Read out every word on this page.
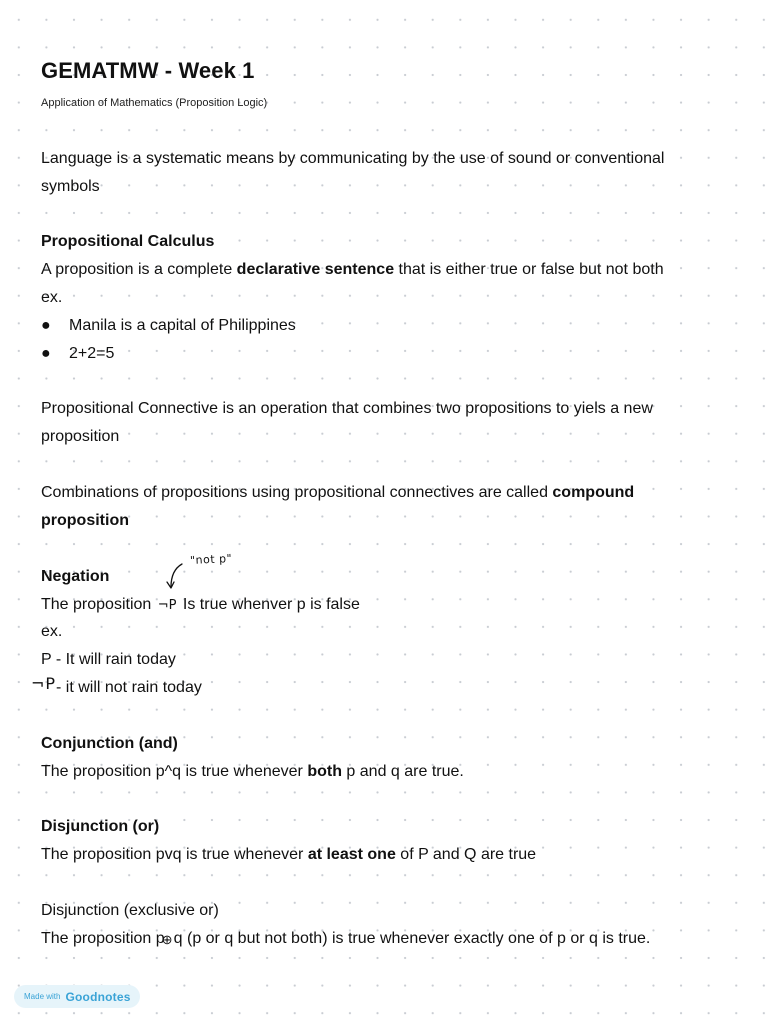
GEMATMW - Week 1

Application of Mathematics (Proposition Logic)

Language is a systematic means by communicating by the use of sound or conventional

symbols

Propositional Calculus

A proposition is a complete declarative sentence that is either true or false but not both

ex.

● Manila is a capital of Philippines
● 2+2=5

Propositional Connective is an operation that combines two propositions to yiels a new

proposition

Combinations of propositions using propositional connectives are called compound

proposition

Negation

"not p"

The proposition ¬P Is true whenver p is false

ex.

P - It will rain today

¬P - it will not rain today

Conjunction (and)

The proposition p^q is true whenever both p and q are true.

Disjunction (or)

The proposition pvq is true whenever at least one of P and Q are true

Disjunction (exclusive or)

The proposition p
⊕ q (p or q but not both) is true whenever exactly one of p or q is true.

Made with Goodnotes
